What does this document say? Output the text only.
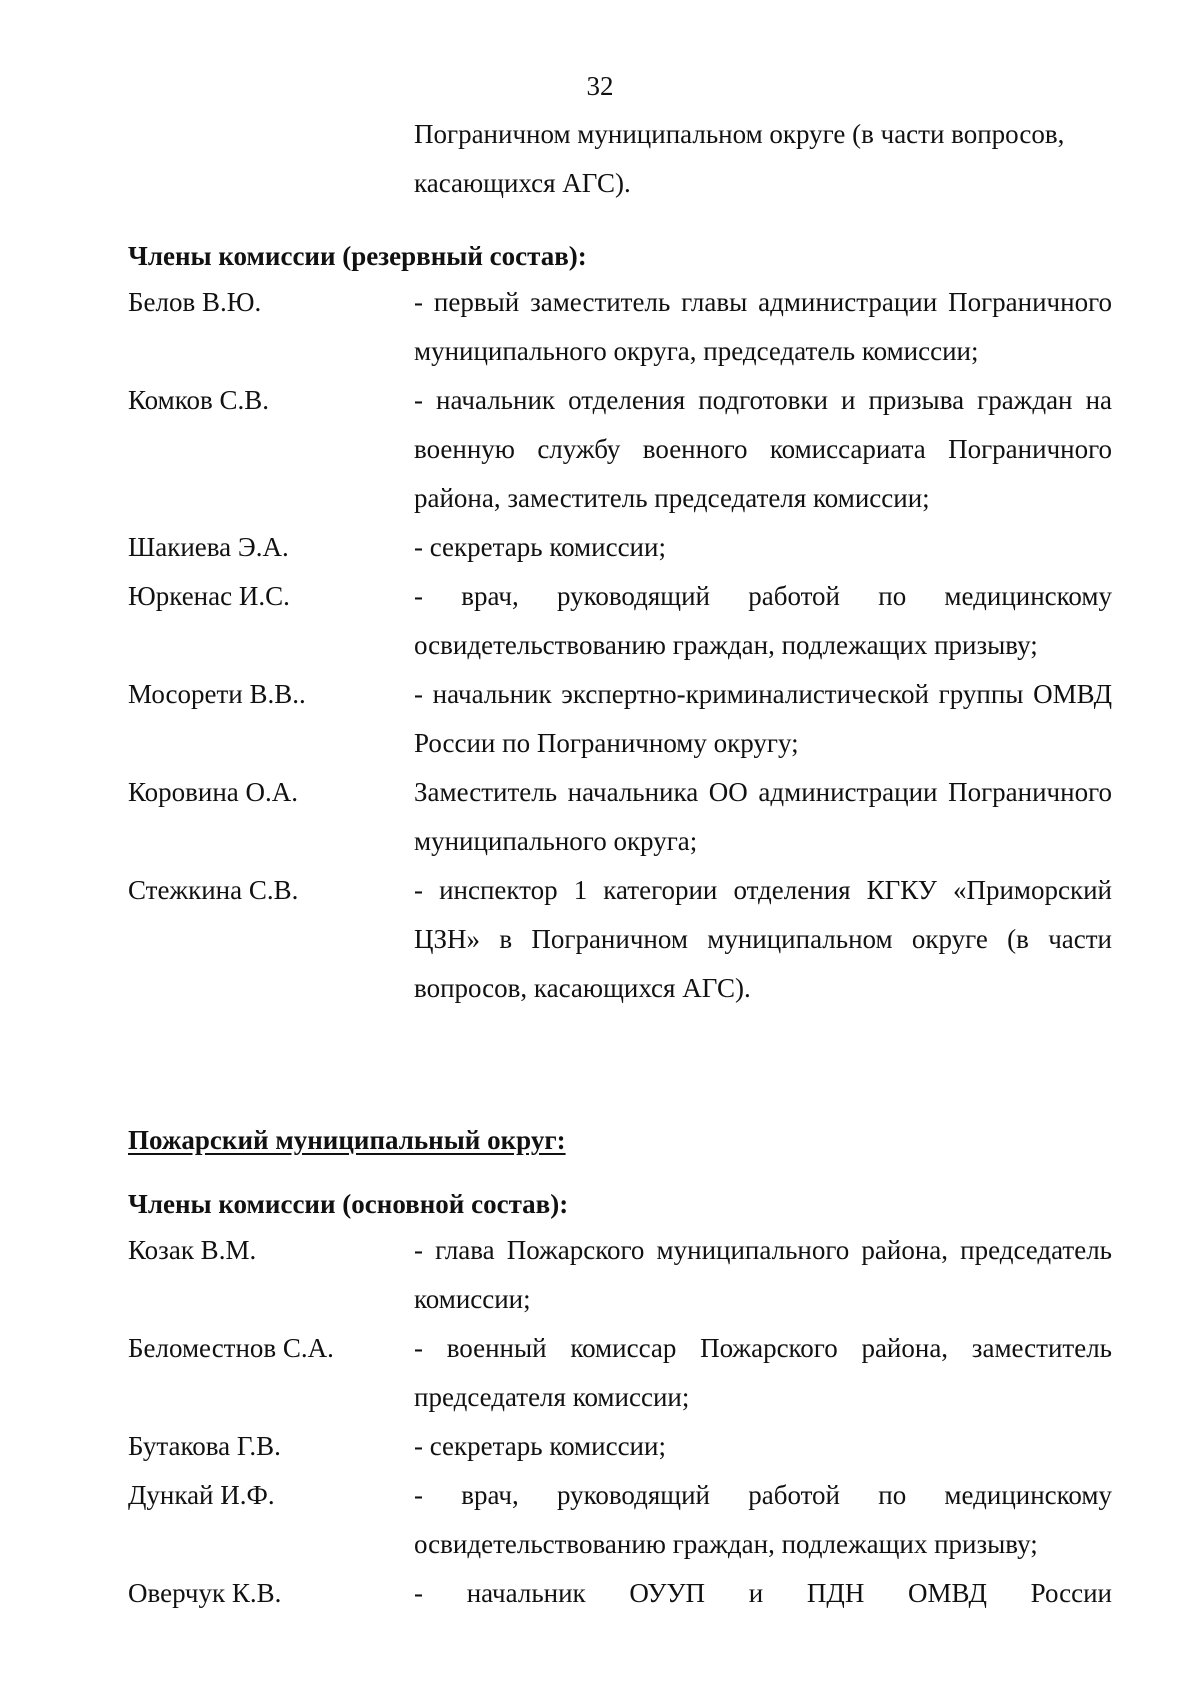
32
Пограничном муниципальном округе (в части вопросов, касающихся АГС).
Члены комиссии (резервный состав):
Белов В.Ю.	- первый заместитель главы администрации Пограничного муниципального округа, председатель комиссии;
Комков С.В.	- начальник отделения подготовки и призыва граждан на военную службу военного комиссариата Пограничного района, заместитель председателя комиссии;
Шакиева Э.А.	- секретарь комиссии;
Юркенас И.С.	- врач, руководящий работой по медицинскому освидетельствованию граждан, подлежащих призыву;
Мосорети В.В..	- начальник экспертно-криминалистической группы ОМВД России по Пограничному округу;
Коровина О.А.	Заместитель начальника ОО администрации Пограничного муниципального округа;
Стежкина С.В.	- инспектор 1 категории отделения КГКУ «Приморский ЦЗН» в Пограничном муниципальном округе (в части вопросов, касающихся АГС).
Пожарский муниципальный округ:
Члены комиссии (основной состав):
Козак В.М.	- глава Пожарского муниципального района, председатель комиссии;
Беломестнов С.А.	- военный комиссар Пожарского района, заместитель председателя комиссии;
Бутакова Г.В.	- секретарь комиссии;
Дункай И.Ф.	- врач, руководящий работой по медицинскому освидетельствованию граждан, подлежащих призыву;
Оверчук К.В.	- начальник ОУУП и ПДН ОМВД России
